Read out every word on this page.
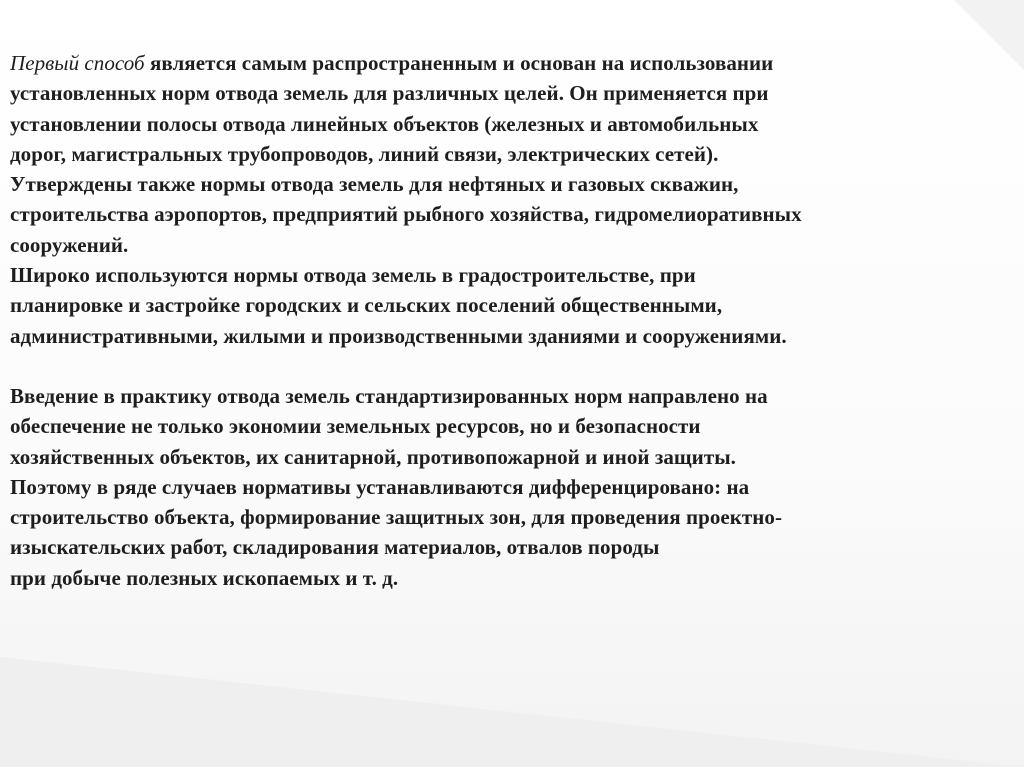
Первый способ является самым распространенным и основан на использовании

установленных норм отвода земель для различных целей. Он применяется при

установлении полосы отвода линейных объектов (железных и автомобильных

дорог, магистральных трубопроводов, линий связи, электрических сетей).

Утверждены также нормы отвода земель для нефтяных и газовых скважин,

строительства аэропортов, предприятий рыбного хозяйства, гидромелиоративных

сооружений.

Широко используются нормы отвода земель в градостроительстве, при

планировке и застройке городских и сельских поселений общественными,

административными, жилыми и производственными зданиями и сооружениями.

Введение в практику отвода земель стандартизированных норм направлено на

обеспечение не только экономии земельных ресурсов, но и безопасности

хозяйственных объектов, их санитарной, противопожарной и иной защиты.

Поэтому в ряде случаев нормативы устанавливаются дифференцировано: на

строительство объекта, формирование защитных зон, для проведения проектно-

изыскательских работ, складирования материалов, отвалов породы

при добыче полезных ископаемых и т. д.
